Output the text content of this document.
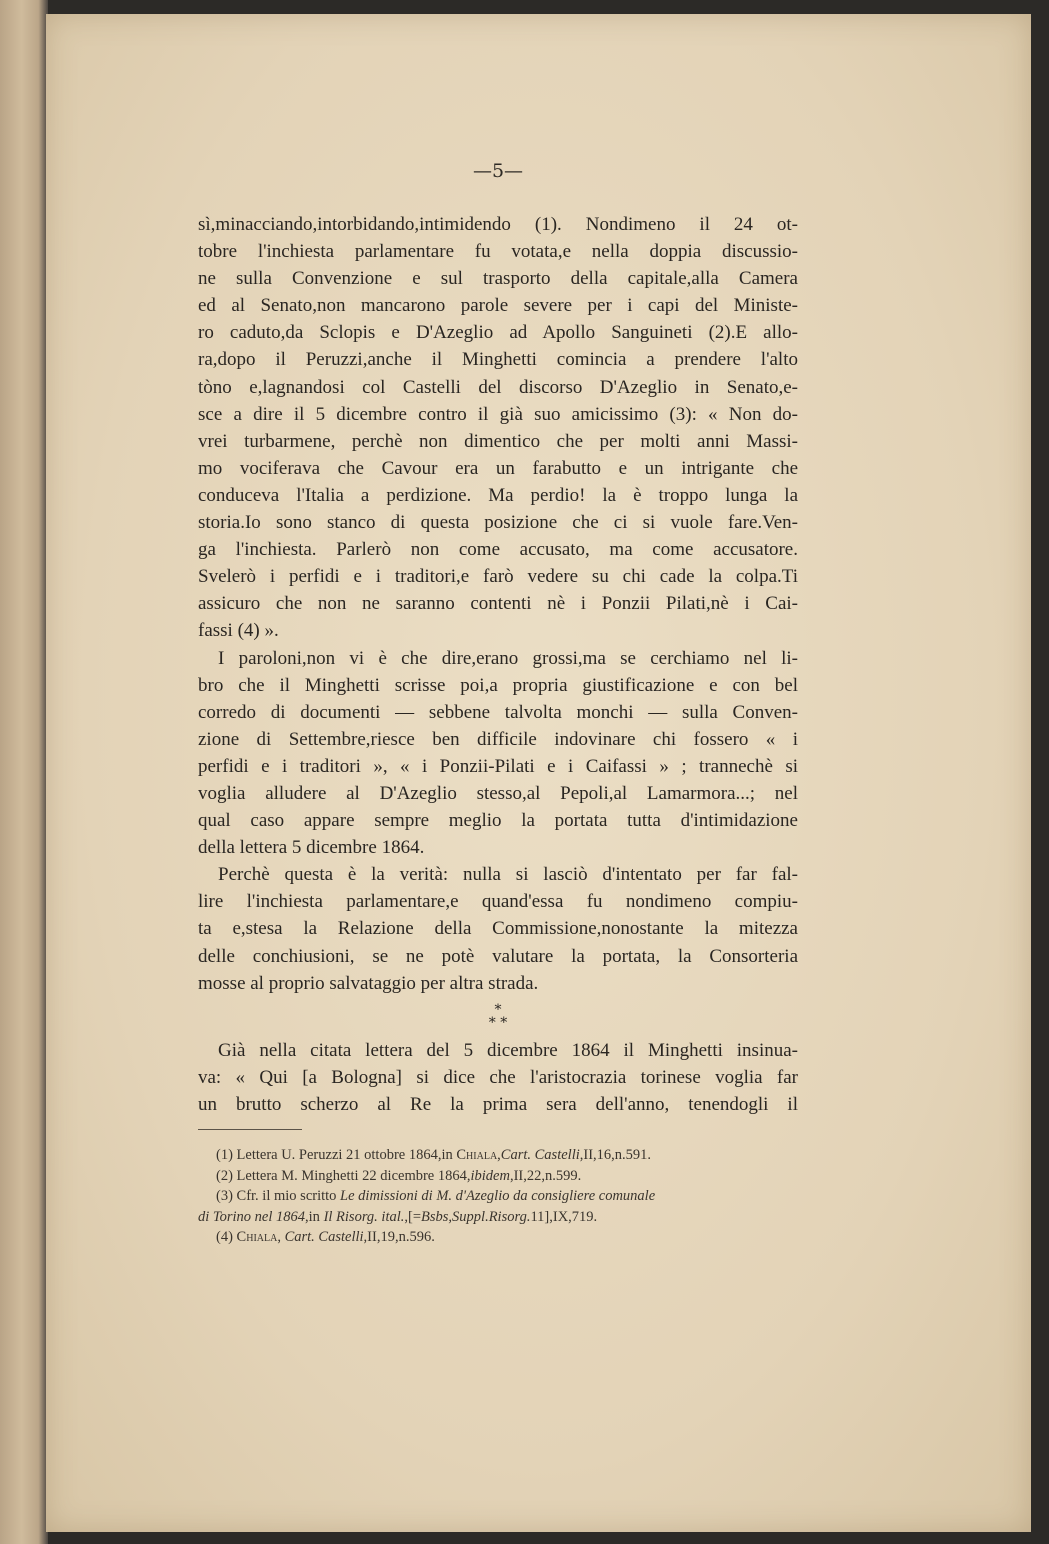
—5—
sì,minacciando,intorbidando,intimidendo (1). Nondimeno il 24 ot-
tobre l'inchiesta parlamentare fu votata,e nella doppia discussio-
ne sulla Convenzione e sul trasporto della capitale,alla Camera
ed al Senato,non mancarono parole severe per i capi del Ministe-
ro caduto,da Sclopis e D'Azeglio ad Apollo Sanguineti (2).E allo-
ra,dopo il Peruzzi,anche il Minghetti comincia a prendere l'alto
tòno e,lagnandosi col Castelli del discorso D'Azeglio in Senato,e-
sce a dire il 5 dicembre contro il già suo amicissimo (3): « Non do-
vrei turbarmene, perchè non dimentico che per molti anni Massi-
mo vociferava che Cavour era un farabutto e un intrigante che
conduceva l'Italia a perdizione. Ma perdio! la è troppo lunga la
storia.Io sono stanco di questa posizione che ci si vuole fare.Ven-
ga l'inchiesta. Parlerò non come accusato, ma come accusatore.
Svelerò i perfidi e i traditori,e farò vedere su chi cade la colpa.Ti
assicuro che non ne saranno contenti nè i Ponzii Pilati,nè i Cai-
fassi (4) ».
I paroloni,non vi è che dire,erano grossi,ma se cerchiamo nel li-
bro che il Minghetti scrisse poi,a propria giustificazione e con bel
corredo di documenti — sebbene talvolta monchi — sulla Conven-
zione di Settembre,riesce ben difficile indovinare chi fossero « i
perfidi e i traditori », « i Ponzii-Pilati e i Caifassi » ; trannechè si
voglia alludere al D'Azeglio stesso,al Pepoli,al Lamarmora...; nel
qual caso appare sempre meglio la portata tutta d'intimidazione
della lettera 5 dicembre 1864.
Perchè questa è la verità: nulla si lasciò d'intentato per far fal-
lire l'inchiesta parlamentare,e quand'essa fu nondimeno compiu-
ta e,stesa la Relazione della Commissione,nonostante la mitezza
delle conchiusioni, se ne potè valutare la portata, la Consorteria
mosse al proprio salvataggio per altra strada.
*
* *
Già nella citata lettera del 5 dicembre 1864 il Minghetti insinua-
va: « Qui [a Bologna] si dice che l'aristocrazia torinese voglia far
un brutto scherzo al Re la prima sera dell'anno, tenendogli il
(1) Lettera U. Peruzzi 21 ottobre 1864,in Chiala,Cart. Castelli,II,16,n.591.
(2) Lettera M. Minghetti 22 dicembre 1864,ibidem,II,22,n.599.
(3) Cfr. il mio scritto Le dimissioni di M. d'Azeglio da consigliere comunale
di Torino nel 1864,in Il Risorg. ital.,[=Bsbs,Suppl.Risorg.11],IX,719.
(4) Chiala, Cart. Castelli,II,19,n.596.
